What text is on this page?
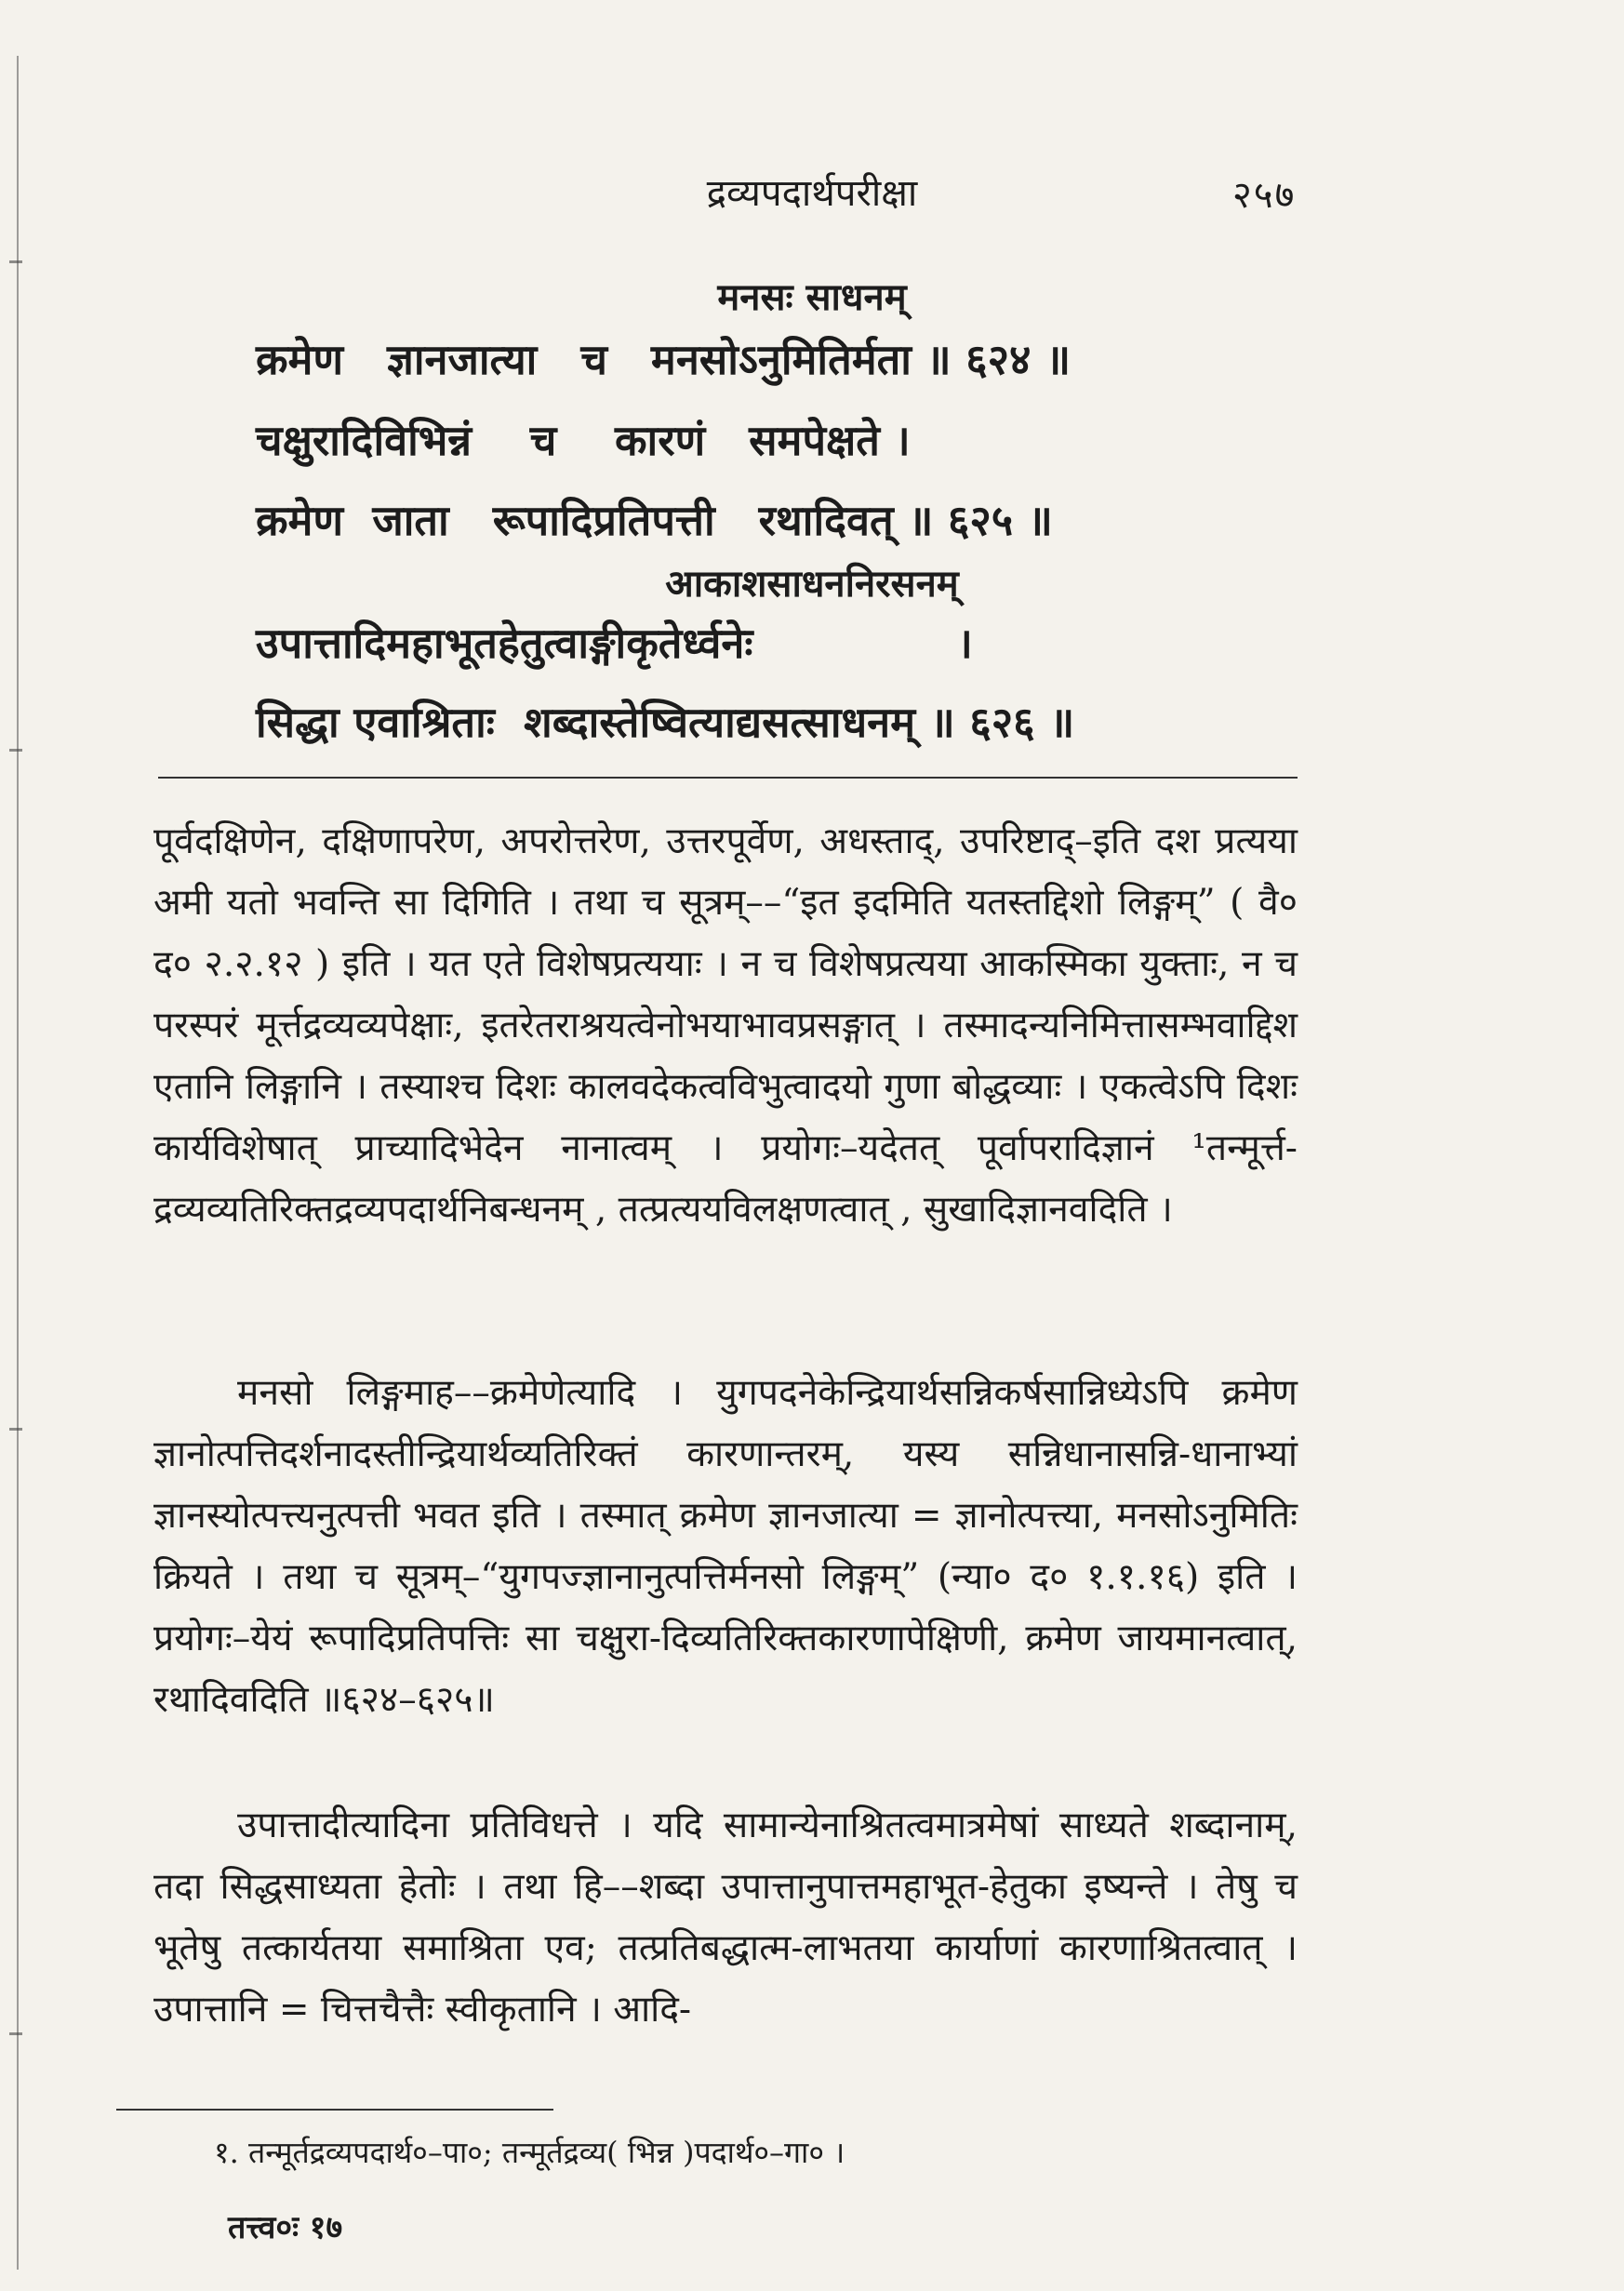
द्रव्यपदार्थपरीक्षा	२५७
मनसः साधनम्
क्रमेण   ज्ञानजात्या   च   मनसोऽनुमितिर्मता ॥ ६२४ ॥
चक्षुरादिविभिन्नं    च    कारणं   समपेक्षते ।
क्रमेण  जाता   रूपादिप्रतिपत्ती   रथादिवत् ॥ ६२५ ॥
आकाशसाधननिरसनम्
उपात्तादिमहाभूतहेतुत्वाङ्गीकृतेर्ध्वनेः              ।
सिद्धा एवाश्रिताः  शब्दास्तेष्वित्याद्यसत्साधनम् ॥ ६२६ ॥
पूर्वदक्षिणेन, दक्षिणापरेण, अपरोत्तरेण, उत्तरपूर्वेण, अधस्ताद्, उपरिष्टाद्–इति दश प्रत्यया अमी यतो भवन्ति सा दिगिति । तथा च सूत्रम्––“इत इदमिति यतस्तद्दिशो लिङ्गम्” ( वै० द० २.२.१२ ) इति । यत एते विशेषप्रत्ययाः । न च विशेषप्रत्यया आकस्मिका युक्ताः, न च परस्परं मूर्त्तद्रव्यव्यपेक्षाः, इतरेतराश्रयत्वेनोभयाभावप्रसङ्गात् । तस्मादन्यनिमित्तासम्भवाद्दिश एतानि लिङ्गानि । तस्याश्च दिशः कालवदेकत्वविभुत्वादयो गुणा बोद्धव्याः । एकत्वेऽपि दिशः कार्यविशेषात् प्राच्यादिभेदेन नानात्वम् । प्रयोगः–यदेतत् पूर्वापरादिज्ञानं ¹तन्मूर्त्त-द्रव्यव्यतिरिक्तद्रव्यपदार्थनिबन्धनम् , तत्प्रत्ययविलक्षणत्वात् , सुखादिज्ञानवदिति ।
मनसो लिङ्गमाह––क्रमेणेत्यादि । युगपदनेकेन्द्रियार्थसन्निकर्षसान्निध्येऽपि क्रमेण ज्ञानोत्पत्तिदर्शनादस्तीन्द्रियार्थव्यतिरिक्तं कारणान्तरम्, यस्य सन्निधानासन्नि-धानाभ्यां ज्ञानस्योत्पत्त्यनुत्पत्ती भवत इति । तस्मात् क्रमेण ज्ञानजात्या = ज्ञानोत्पत्त्या, मनसोऽनुमितिः क्रियते । तथा च सूत्रम्–“युगपज्ज्ञानानुत्पत्तिर्मनसो लिङ्गम्” (न्या० द० १.१.१६) इति । प्रयोगः–येयं रूपादिप्रतिपत्तिः सा चक्षुरा-दिव्यतिरिक्तकारणापेक्षिणी, क्रमेण जायमानत्वात्, रथादिवदिति ॥६२४–६२५॥
उपात्तादीत्यादिना प्रतिविधत्ते । यदि सामान्येनाश्रितत्वमात्रमेषां साध्यते शब्दानाम्, तदा सिद्धसाध्यता हेतोः । तथा हि––शब्दा उपात्तानुपात्तमहाभूत-हेतुका इष्यन्ते । तेषु च भूतेषु तत्कार्यतया समाश्रिता एव; तत्प्रतिबद्धात्म-लाभतया कार्याणां कारणाश्रितत्वात् । उपात्तानि = चित्तचैत्तैः स्वीकृतानि । आदि-
१. तन्मूर्तद्रव्यपदार्थ०–पा०; तन्मूर्तद्रव्य( भिन्न )पदार्थ०–गा० ।
तत्त्व०ः १७
